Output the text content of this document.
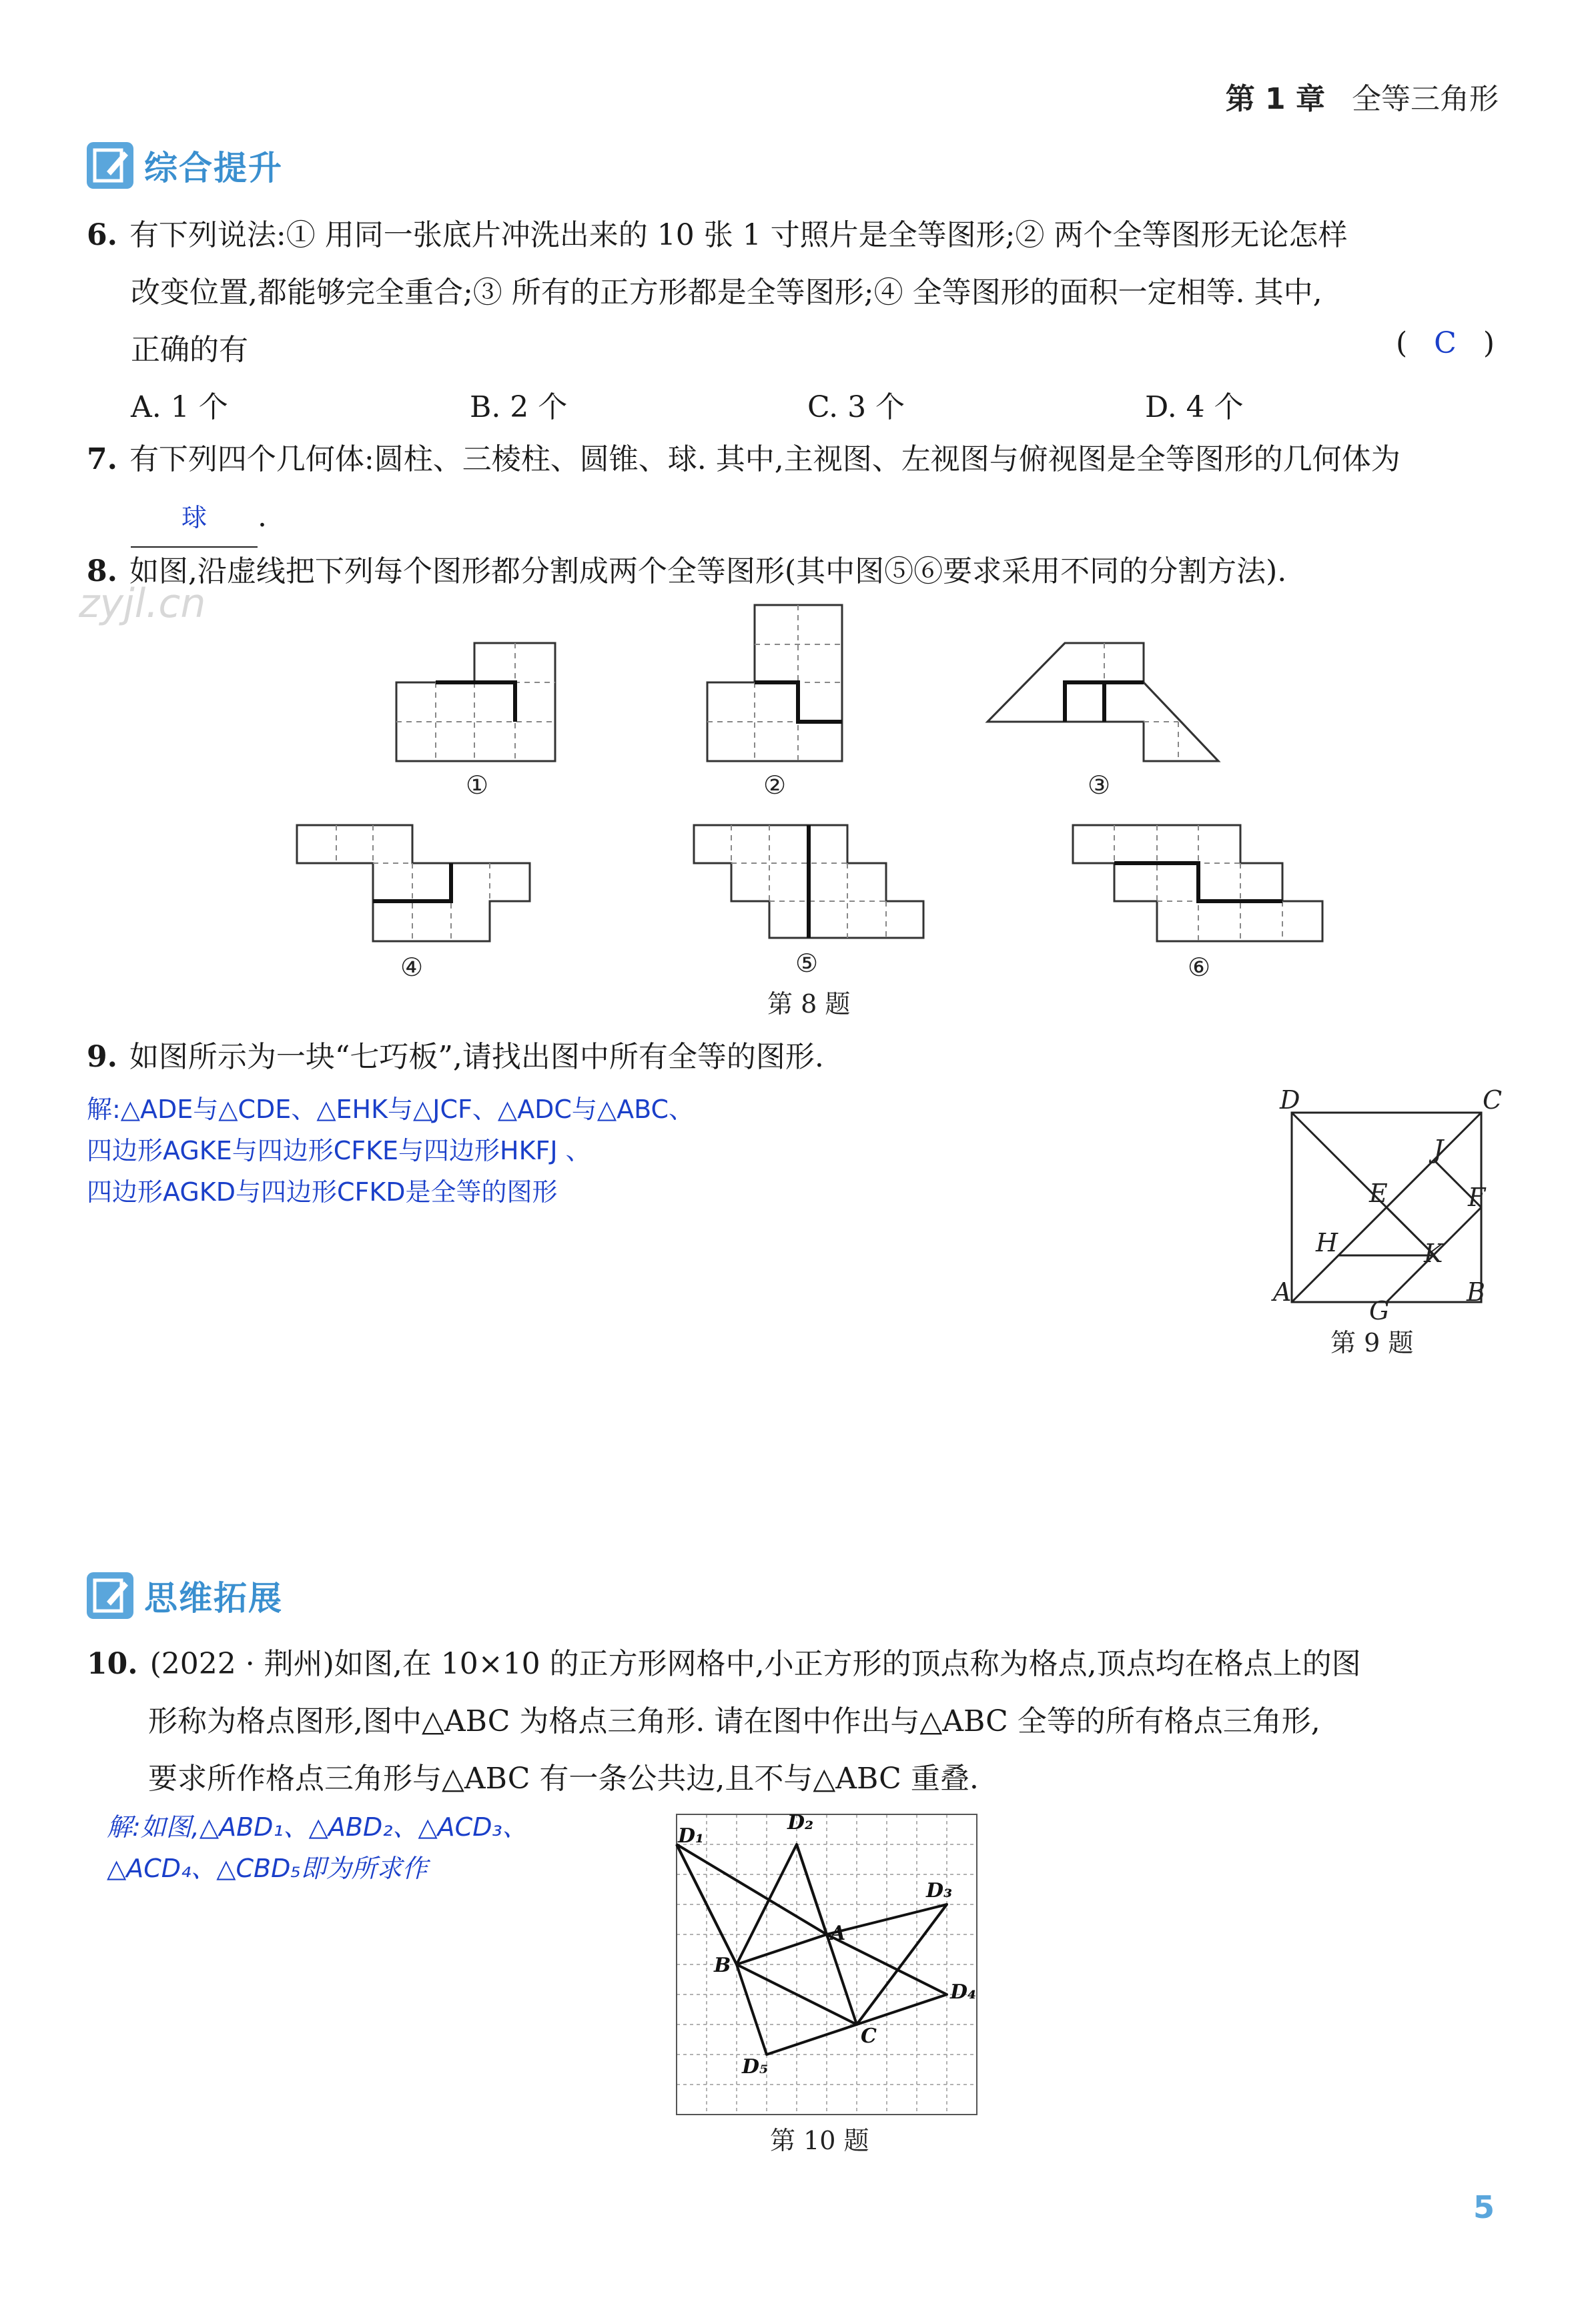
第 1 章 全等三角形
综合提升
6. 有下列说法:① 用同一张底片冲洗出来的 10 张 1 寸照片是全等图形;② 两个全等图形无论怎样
改变位置,都能够完全重合;③ 所有的正方形都是全等图形;④ 全等图形的面积一定相等. 其中,
正确的有	( C )
A. 1 个	B. 2 个	C. 3 个	D. 4 个
7. 有下列四个几何体:圆柱、三棱柱、圆锥、球. 其中,主视图、左视图与俯视图是全等图形的几何体为
球 .
8. 如图,沿虚线把下列每个图形都分割成两个全等图形(其中图⑤⑥要求采用不同的分割方法).
zyjl.cn
①	②	③
④	⑤	⑥
第 8 题
9. 如图所示为一块“七巧板”,请找出图中所有全等的图形.
解:△ADE与△CDE、△EHK与△JCF、△ADC与△ABC、
四边形AGKE与四边形CFKE与四边形HKFJ 、
四边形AGKD与四边形CFKD是全等的图形
D	C
J
E	F
H	K
A
G
B
第 9 题
思维拓展
10. (2022 · 荆州)如图,在 10×10 的正方形网格中,小正方形的顶点称为格点,顶点均在格点上的图
形称为格点图形,图中△ABC 为格点三角形. 请在图中作出与△ABC 全等的所有格点三角形,
要求所作格点三角形与△ABC 有一条公共边,且不与△ABC 重叠.
解:如图,△ABD₁、△ABD₂、△ACD₃、
△ACD₄、△CBD₅即为所求作
D₁
D₂
A
D₃
B
D₄
C
D₅
第 10 题
5
